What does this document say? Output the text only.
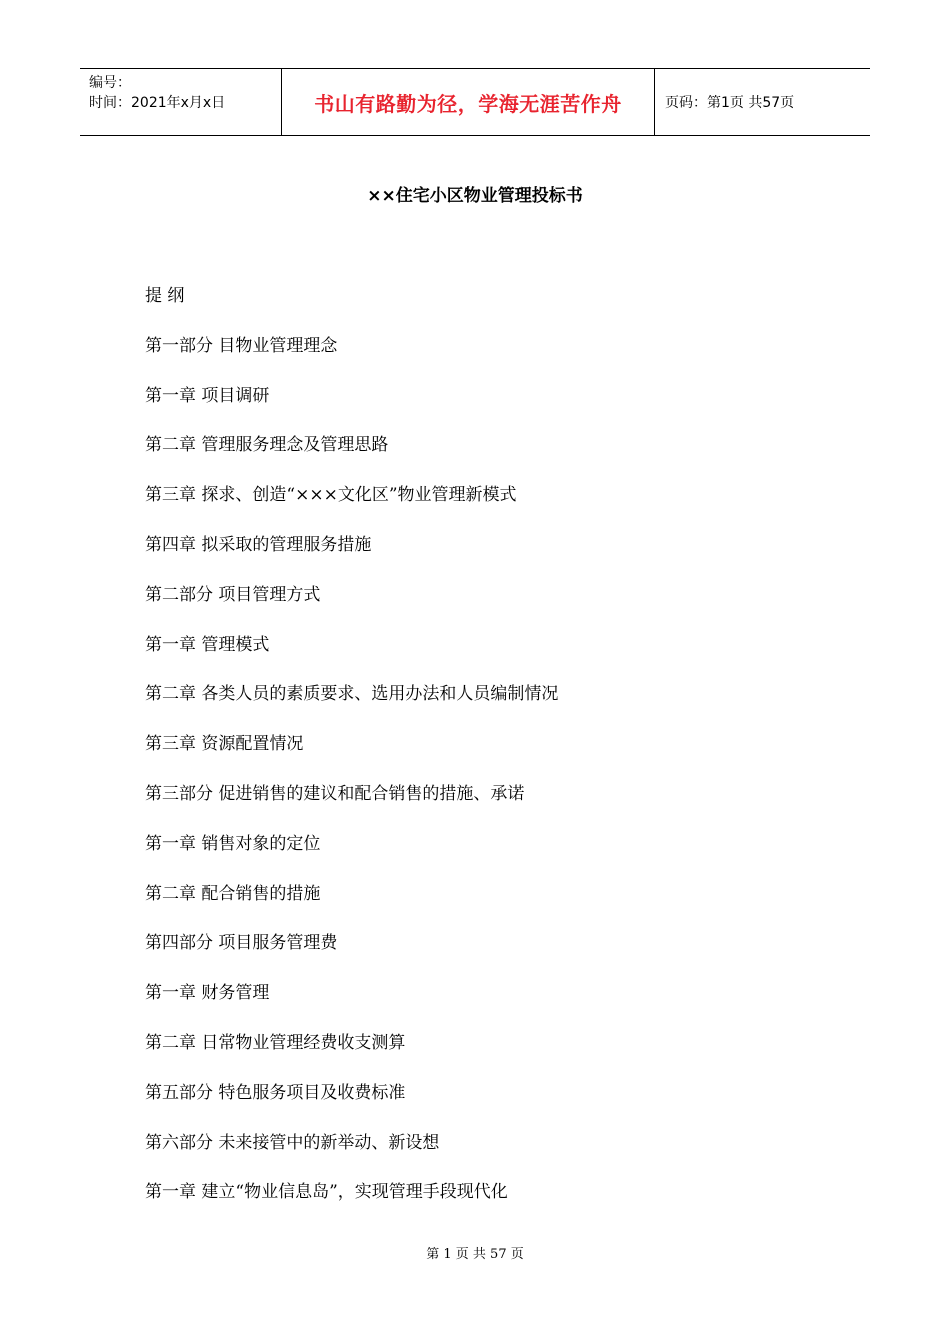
编号：
时间：2021年x月x日	书山有路勤为径，学海无涯苦作舟	页码：第1页 共57页
××住宅小区物业管理投标书
提 纲
第一部分 目物业管理理念
第一章 项目调研
第二章 管理服务理念及管理思路
第三章 探求、创造“×××文化区”物业管理新模式
第四章 拟采取的管理服务措施
第二部分 项目管理方式
第一章 管理模式
第二章 各类人员的素质要求、选用办法和人员编制情况
第三章 资源配置情况
第三部分 促进销售的建议和配合销售的措施、承诺
第一章 销售对象的定位
第二章 配合销售的措施
第四部分 项目服务管理费
第一章 财务管理
第二章 日常物业管理经费收支测算
第五部分 特色服务项目及收费标准
第六部分 未来接管中的新举动、新设想
第一章 建立“物业信息岛”，实现管理手段现代化
第 1 页 共 57 页
